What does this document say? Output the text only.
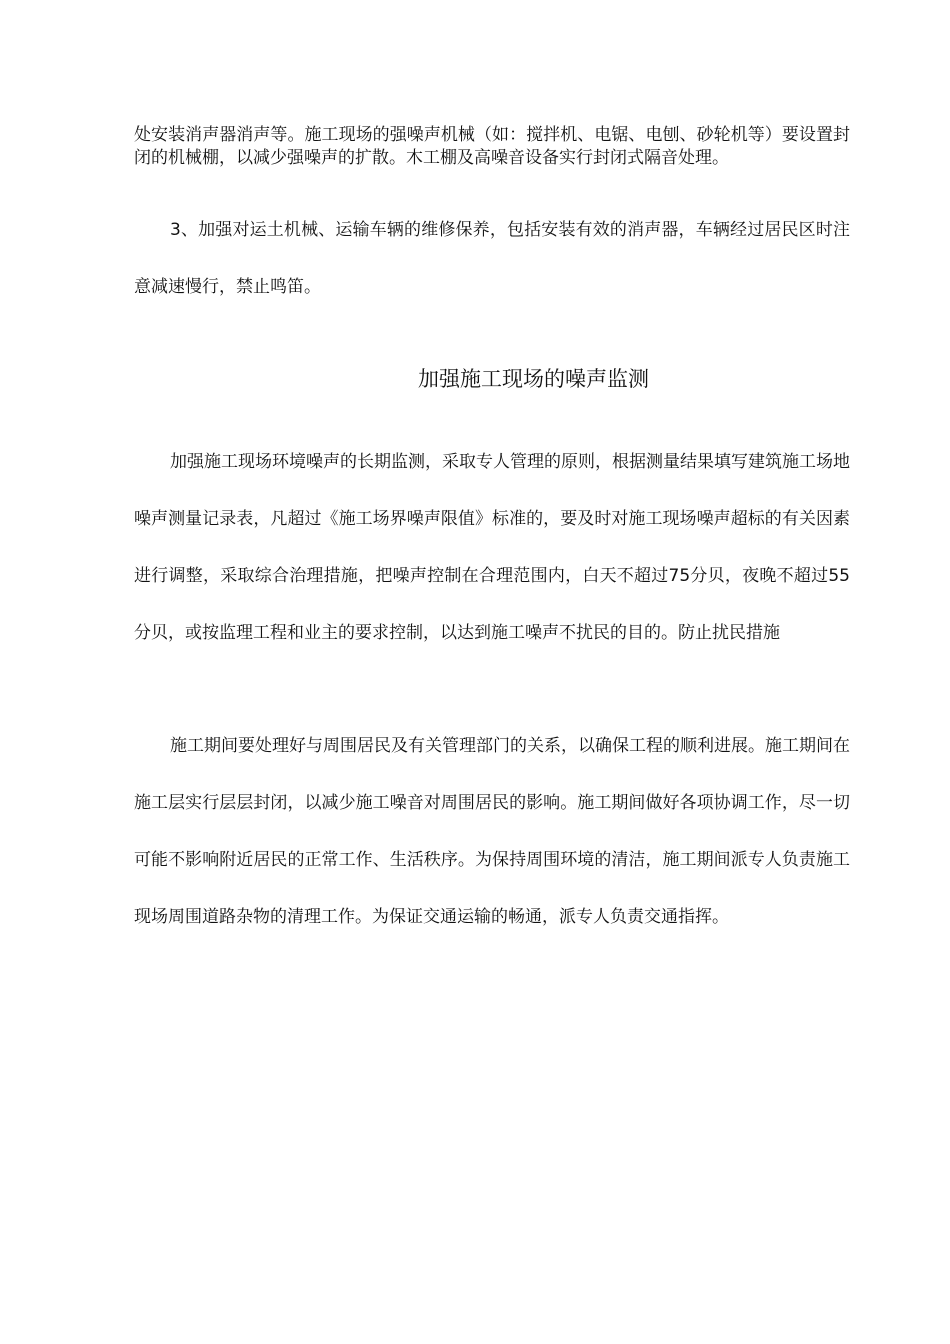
处安装消声器消声等。施工现场的强噪声机械（如：搅拌机、电锯、电刨、砂轮机等）要设置封闭的机械棚，以减少强噪声的扩散。木工棚及高噪音设备实行封闭式隔音处理。

3、加强对运土机械、运输车辆的维修保养，包括安装有效的消声器，车辆经过居民区时注意减速慢行，禁止鸣笛。

加强施工现场的噪声监测

加强施工现场环境噪声的长期监测，采取专人管理的原则，根据测量结果填写建筑施工场地噪声测量记录表，凡超过《施工场界噪声限值》标准的，要及时对施工现场噪声超标的有关因素进行调整，采取综合治理措施，把噪声控制在合理范围内，白天不超过75分贝，夜晚不超过55分贝，或按监理工程和业主的要求控制，以达到施工噪声不扰民的目的。防止扰民措施

施工期间要处理好与周围居民及有关管理部门的关系，以确保工程的顺利进展。施工期间在施工层实行层层封闭，以减少施工噪音对周围居民的影响。施工期间做好各项协调工作，尽一切可能不影响附近居民的正常工作、生活秩序。为保持周围环境的清洁，施工期间派专人负责施工现场周围道路杂物的清理工作。为保证交通运输的畅通，派专人负责交通指挥。
